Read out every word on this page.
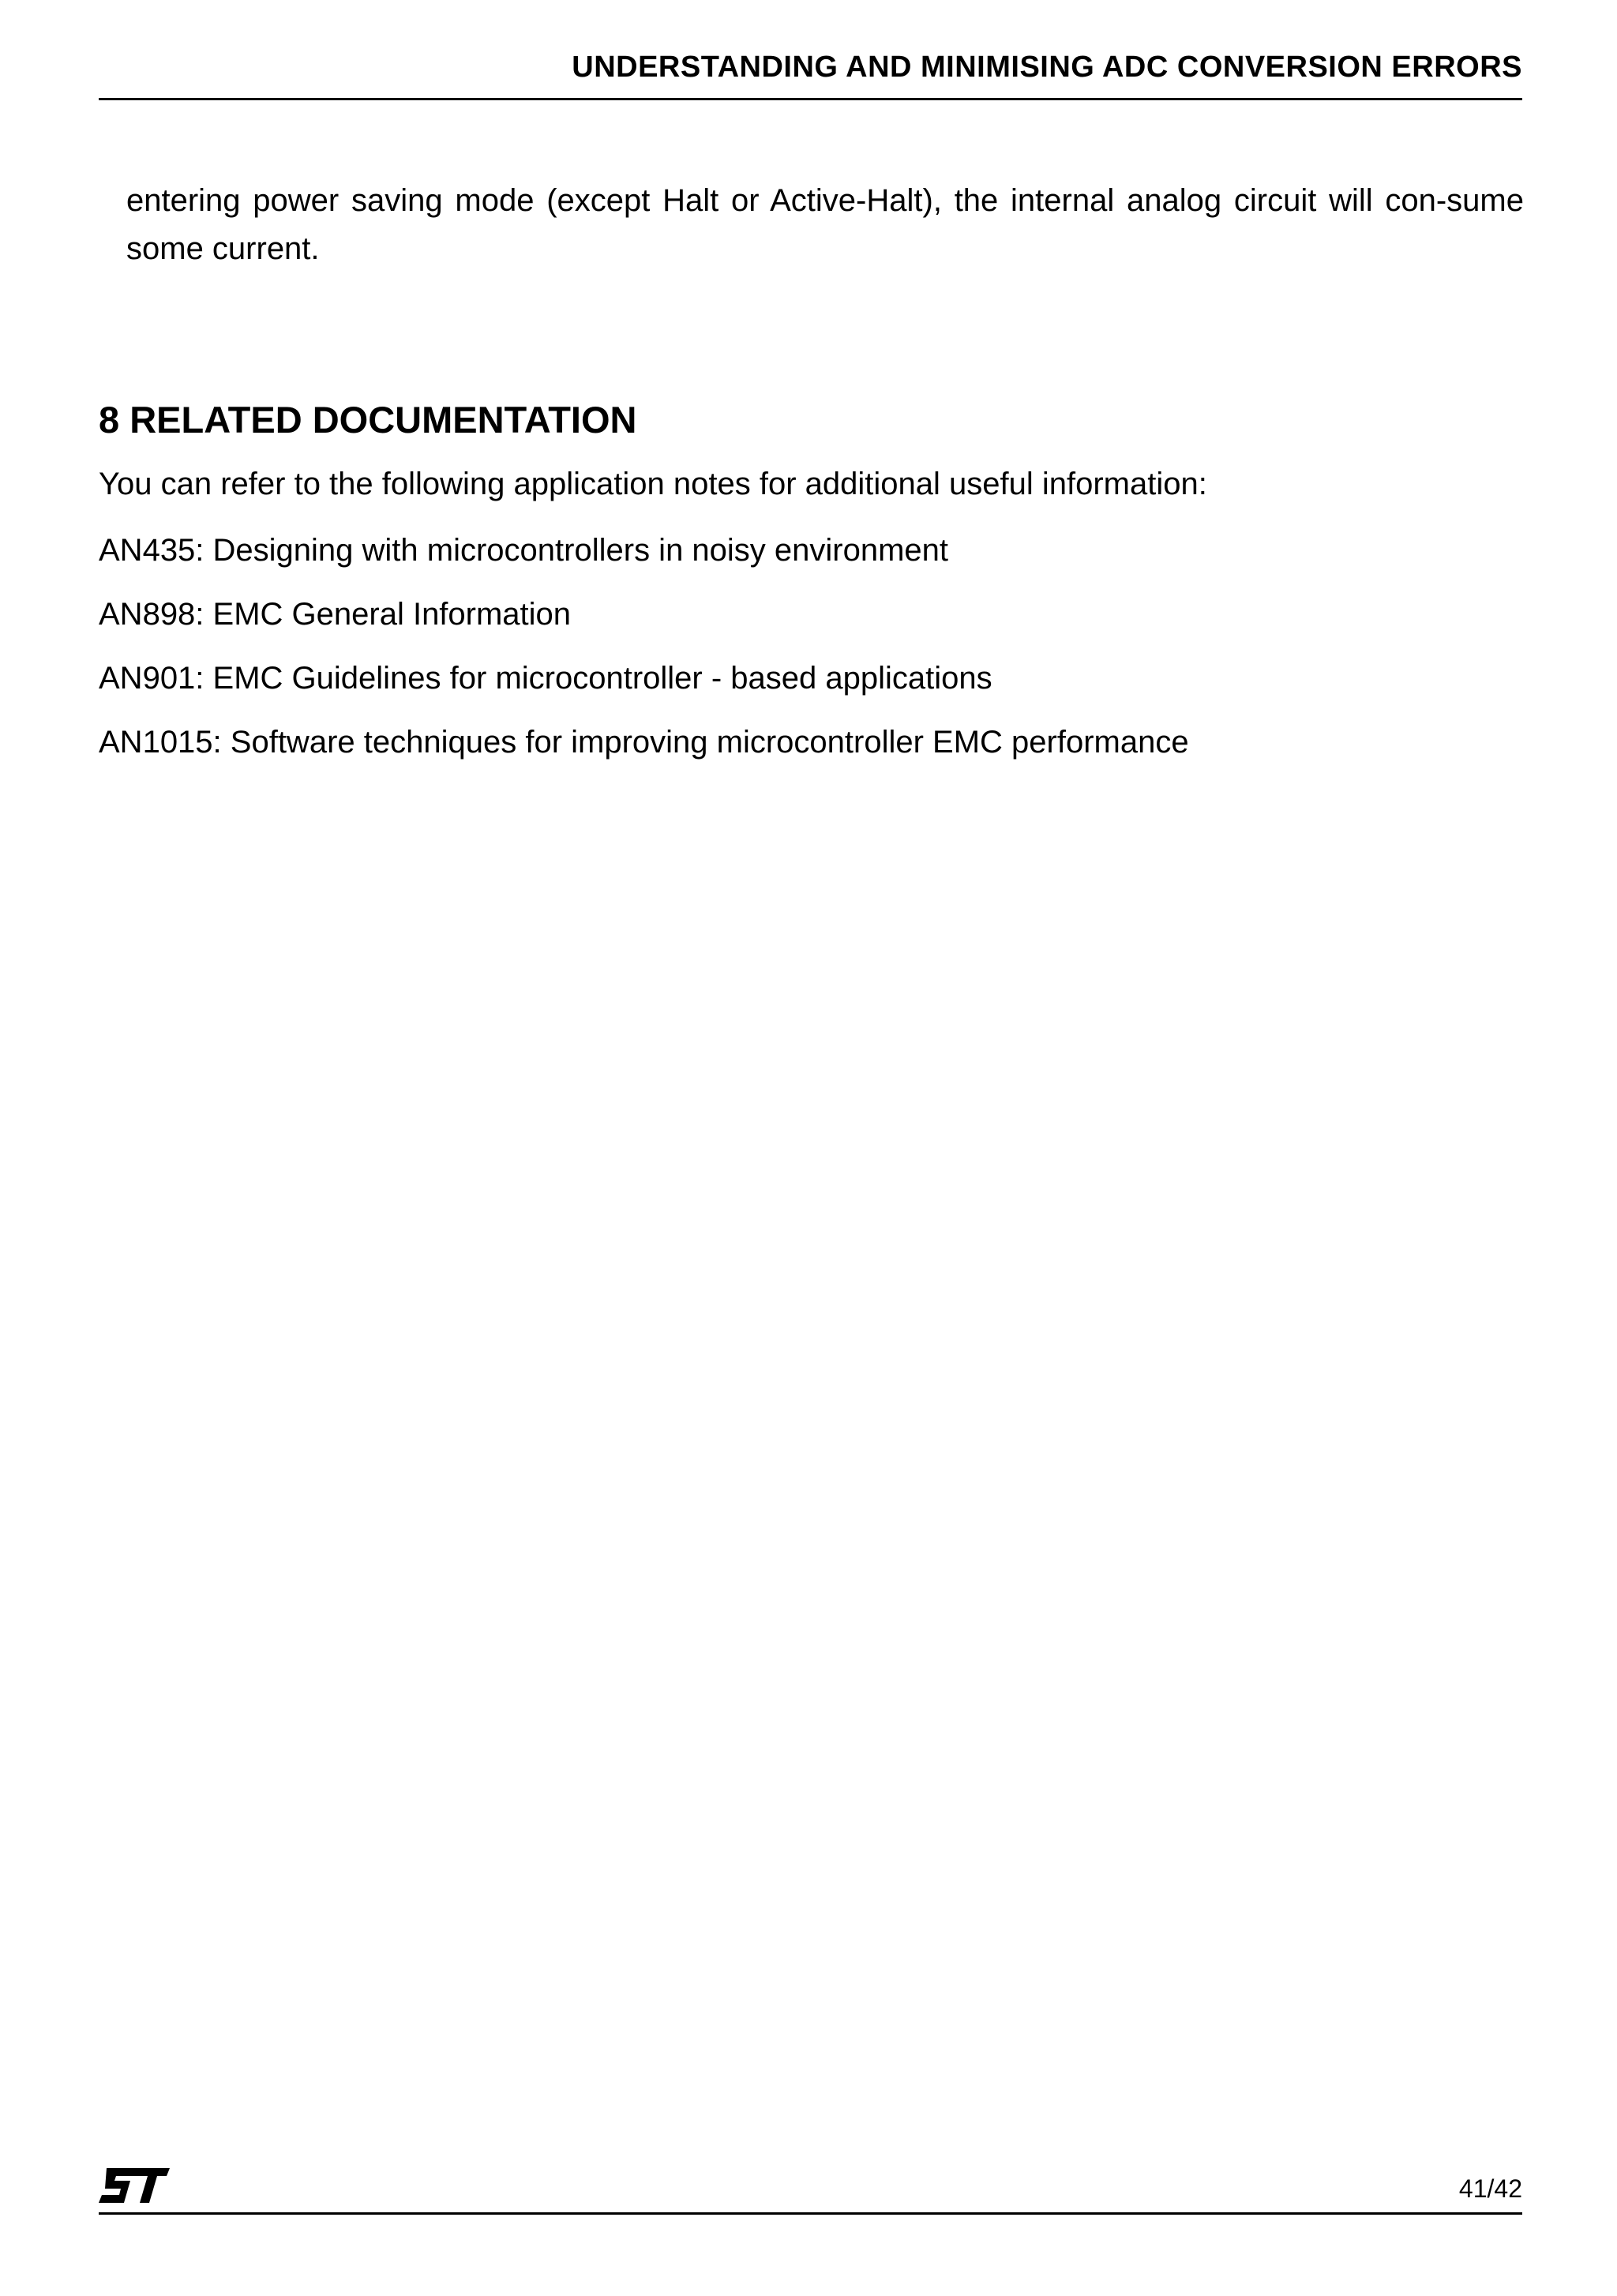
UNDERSTANDING AND MINIMISING ADC CONVERSION ERRORS

entering power saving mode (except Halt or Active-Halt), the internal analog circuit will con-sume some current.

8 RELATED DOCUMENTATION

You can refer to the following application notes for additional useful information:

AN435: Designing with microcontrollers in noisy environment
AN898: EMC General Information
AN901: EMC Guidelines for microcontroller - based applications
AN1015: Software techniques for improving microcontroller EMC performance
41/42
